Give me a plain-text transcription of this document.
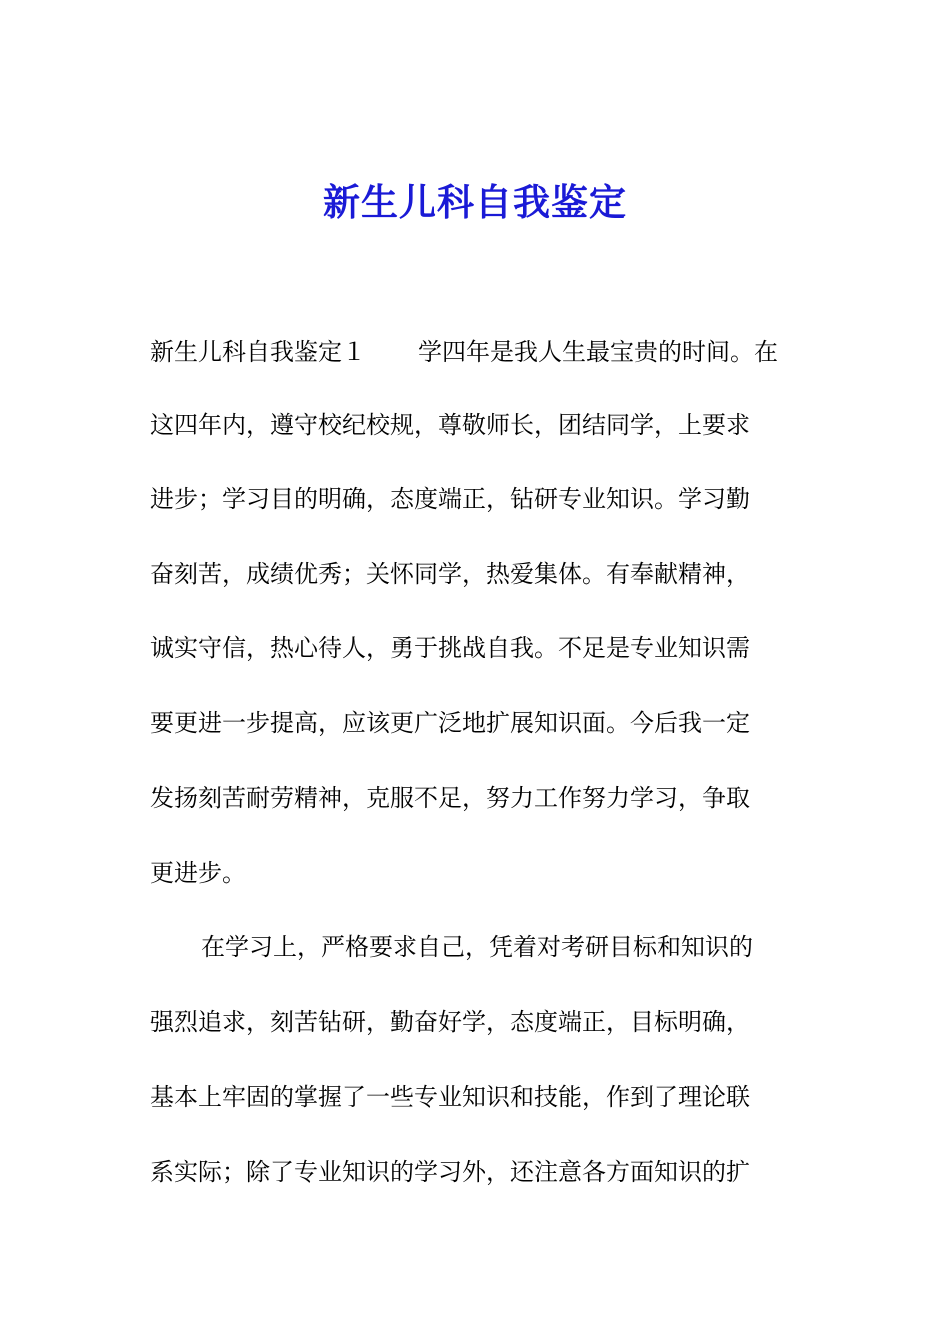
新生儿科自我鉴定
新生儿科自我鉴定１ 学四年是我人生最宝贵的时间。在
这四年内，遵守校纪校规，尊敬师长，团结同学，上要求
进步；学习目的明确，态度端正，钻研专业知识。学习勤
奋刻苦，成绩优秀；关怀同学，热爱集体。有奉献精神，
诚实守信，热心待人，勇于挑战自我。不足是专业知识需
要更进一步提高，应该更广泛地扩展知识面。今后我一定
发扬刻苦耐劳精神，克服不足，努力工作努力学习，争取
更进步。
在学习上，严格要求自己，凭着对考研目标和知识的
强烈追求，刻苦钻研，勤奋好学，态度端正，目标明确，
基本上牢固的掌握了一些专业知识和技能，作到了理论联
系实际；除了专业知识的学习外，还注意各方面知识的扩
